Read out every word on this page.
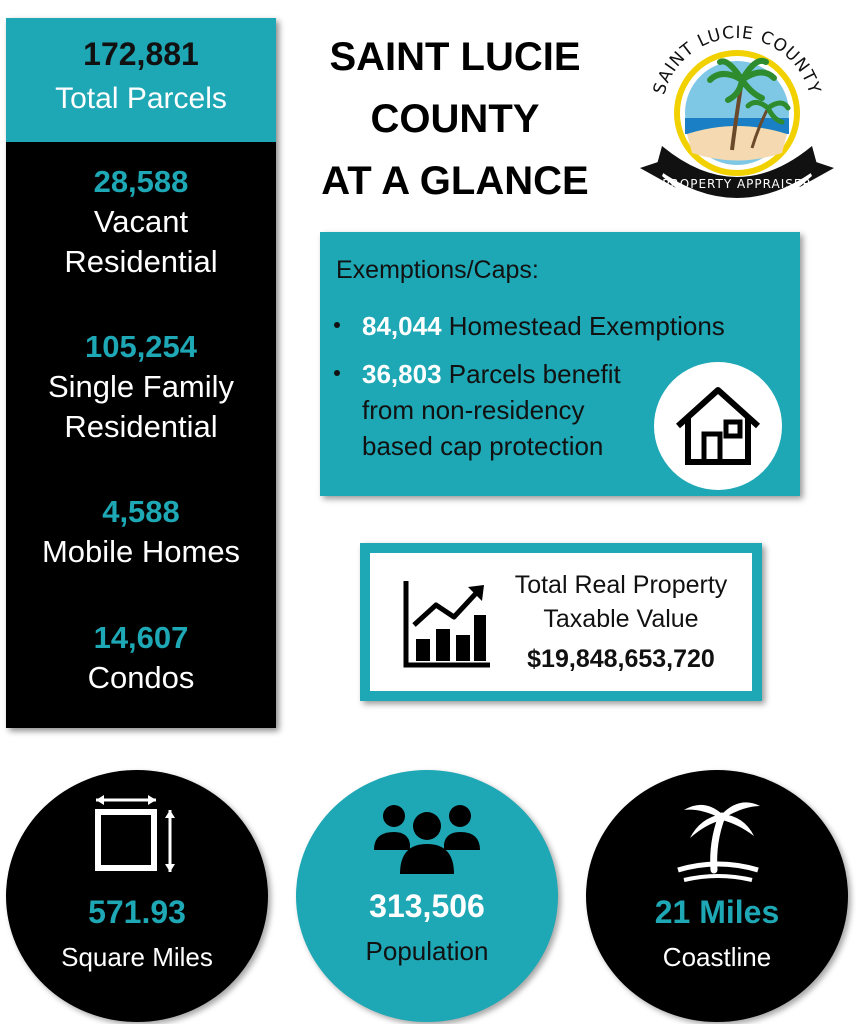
172,881
Total Parcels
28,588
Vacant
Residential
105,254
Single Family
Residential
4,588
Mobile Homes
14,607
Condos
SAINT LUCIE
COUNTY
AT A GLANCE
SAINT LUCIE COUNTY
PROPERTY APPRAISER
Exemptions/Caps:
84,044 Homestead Exemptions
36,803 Parcels benefit
from non-residency
based cap protection
Total Real Property
Taxable Value
$19,848,653,720
571.93
Square Miles
313,506
Population
21 Miles
Coastline
